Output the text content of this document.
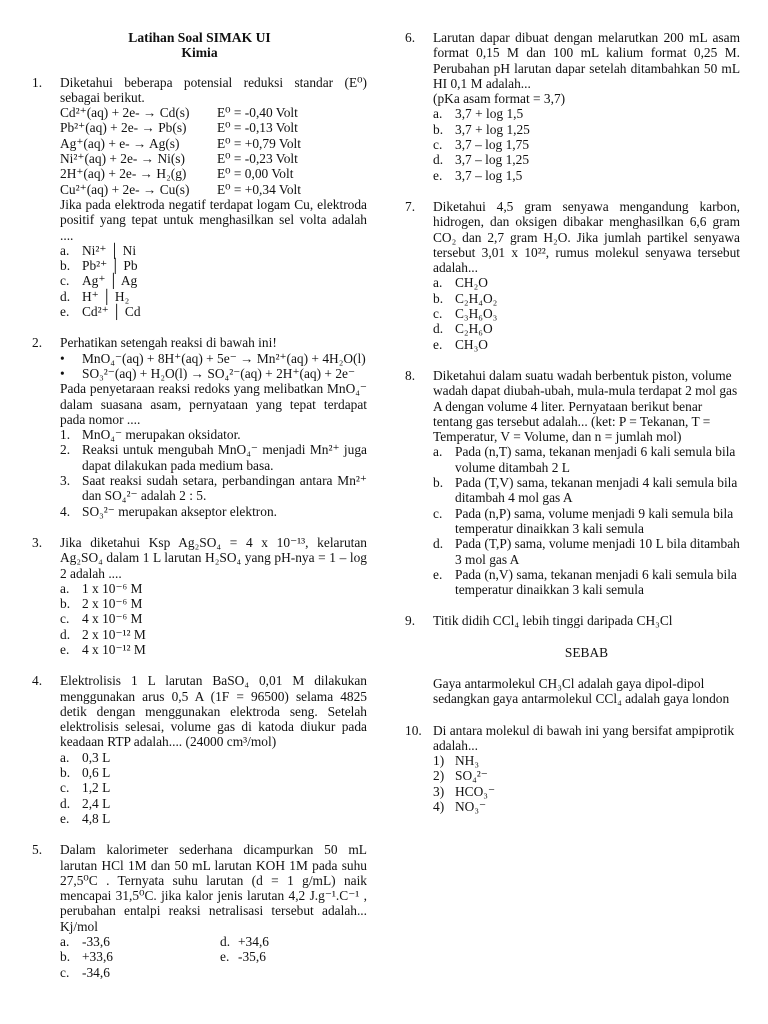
Latihan Soal SIMAK UI
Kimia
1.	Diketahui beberapa potensial reduksi standar (E⁰) sebagai berikut.
Cd²⁺(aq) + 2e- → Cd(s)	E⁰ = -0,40 Volt
Pb²⁺(aq) + 2e- → Pb(s)	E⁰ = -0,13 Volt
Ag⁺(aq) + e- → Ag(s)	E⁰ = +0,79 Volt
Ni²⁺(aq) + 2e- → Ni(s)	E⁰ = -0,23 Volt
2H⁺(aq) + 2e- → H₂(g)	E⁰ = 0,00 Volt
Cu²⁺(aq) + 2e- → Cu(s)	E⁰ = +0,34 Volt
Jika pada elektroda negatif terdapat logam Cu, elektroda positif yang tepat untuk menghasilkan sel volta adalah ....
a. Ni²⁺ │ Ni
b. Pb²⁺ │ Pb
c. Ag⁺ │ Ag
d. H⁺ │ H₂
e. Cd²⁺ │ Cd
2.	Perhatikan setengah reaksi di bawah ini!
•	MnO₄⁻(aq) + 8H⁺(aq) + 5e⁻ → Mn²⁺(aq) + 4H₂O(l)
•	SO₃²⁻(aq) + H₂O(l) → SO₄²⁻(aq) + 2H⁺(aq) + 2e⁻
Pada penyetaraan reaksi redoks yang melibatkan MnO₄⁻ dalam suasana asam, pernyataan yang tepat terdapat pada nomor ....
1. MnO₄⁻ merupakan oksidator.
2. Reaksi untuk mengubah MnO₄⁻ menjadi Mn²⁺ juga dapat dilakukan pada medium basa.
3. Saat reaksi sudah setara, perbandingan antara Mn²⁺ dan SO₄²⁻ adalah 2 : 5.
4. SO₃²⁻ merupakan akseptor elektron.
3.	Jika diketahui Ksp Ag₂SO₄ = 4 x 10⁻¹³, kelarutan Ag₂SO₄ dalam 1 L larutan H₂SO₄ yang pH-nya = 1 – log 2 adalah ....
a. 1 x 10⁻⁶ M
b. 2 x 10⁻⁶ M
c. 4 x 10⁻⁶ M
d. 2 x 10⁻¹² M
e. 4 x 10⁻¹² M
4.	Elektrolisis 1 L larutan BaSO₄ 0,01 M dilakukan menggunakan arus 0,5 A (1F = 96500) selama 4825 detik dengan menggunakan elektroda seng. Setelah elektrolisis selesai, volume gas di katoda diukur pada keadaan RTP adalah.... (24000 cm³/mol)
a. 0,3 L
b. 0,6 L
c. 1,2 L
d. 2,4 L
e. 4,8 L
5.	Dalam kalorimeter sederhana dicampurkan 50 mL larutan HCl 1M dan 50 mL larutan KOH 1M pada suhu 27,5⁰C . Ternyata suhu larutan (d = 1 g/mL) naik mencapai 31,5⁰C. jika kalor jenis larutan 4,2 J.g⁻¹.C⁻¹ , perubahan entalpi reaksi netralisasi tersebut adalah... Kj/mol
a. -33,6	d. +34,6
b. +33,6	e. -35,6
c. -34,6
6.	Larutan dapar dibuat dengan melarutkan 200 mL asam format 0,15 M dan 100 mL kalium format 0,25 M. Perubahan pH larutan dapar setelah ditambahkan 50 mL HI 0,1 M adalah...
(pKa asam format = 3,7)
a. 3,7 + log 1,5
b. 3,7 + log 1,25
c. 3,7 – log 1,75
d. 3,7 – log 1,25
e. 3,7 – log 1,5
7.	Diketahui 4,5 gram senyawa mengandung karbon, hidrogen, dan oksigen dibakar menghasilkan 6,6 gram CO₂ dan 2,7 gram H₂O. Jika jumlah partikel senyawa tersebut 3,01 x 10²², rumus molekul senyawa tersebut adalah...
a. CH₂O
b. C₂H₄O₂
c. C₃H₆O₃
d. C₂H₆O
e. CH₃O
8.	Diketahui dalam suatu wadah berbentuk piston, volume wadah dapat diubah-ubah, mula-mula terdapat 2 mol gas A dengan volume 4 liter. Pernyataan berikut benar tentang gas tersebut adalah... (ket: P = Tekanan, T = Temperatur, V = Volume, dan n = jumlah mol)
a. Pada (n,T) sama, tekanan menjadi 6 kali semula bila volume ditambah 2 L
b. Pada (T,V) sama, tekanan menjadi 4 kali semula bila ditambah 4 mol gas A
c. Pada (n,P) sama, volume menjadi 9 kali semula bila temperatur dinaikkan 3 kali semula
d. Pada (T,P) sama, volume menjadi 10 L bila ditambah 3 mol gas A
e. Pada (n,V) sama, tekanan menjadi 6 kali semula bila temperatur dinaikkan 3 kali semula
9.	Titik didih CCl₄ lebih tinggi daripada CH₃Cl
SEBAB
Gaya antarmolekul CH₃Cl adalah gaya dipol-dipol sedangkan gaya antarmolekul CCl₄ adalah gaya london
10. Di antara molekul di bawah ini yang bersifat ampiprotik adalah...
1) NH₃
2) SO₄²⁻
3) HCO₃⁻
4) NO₃⁻
